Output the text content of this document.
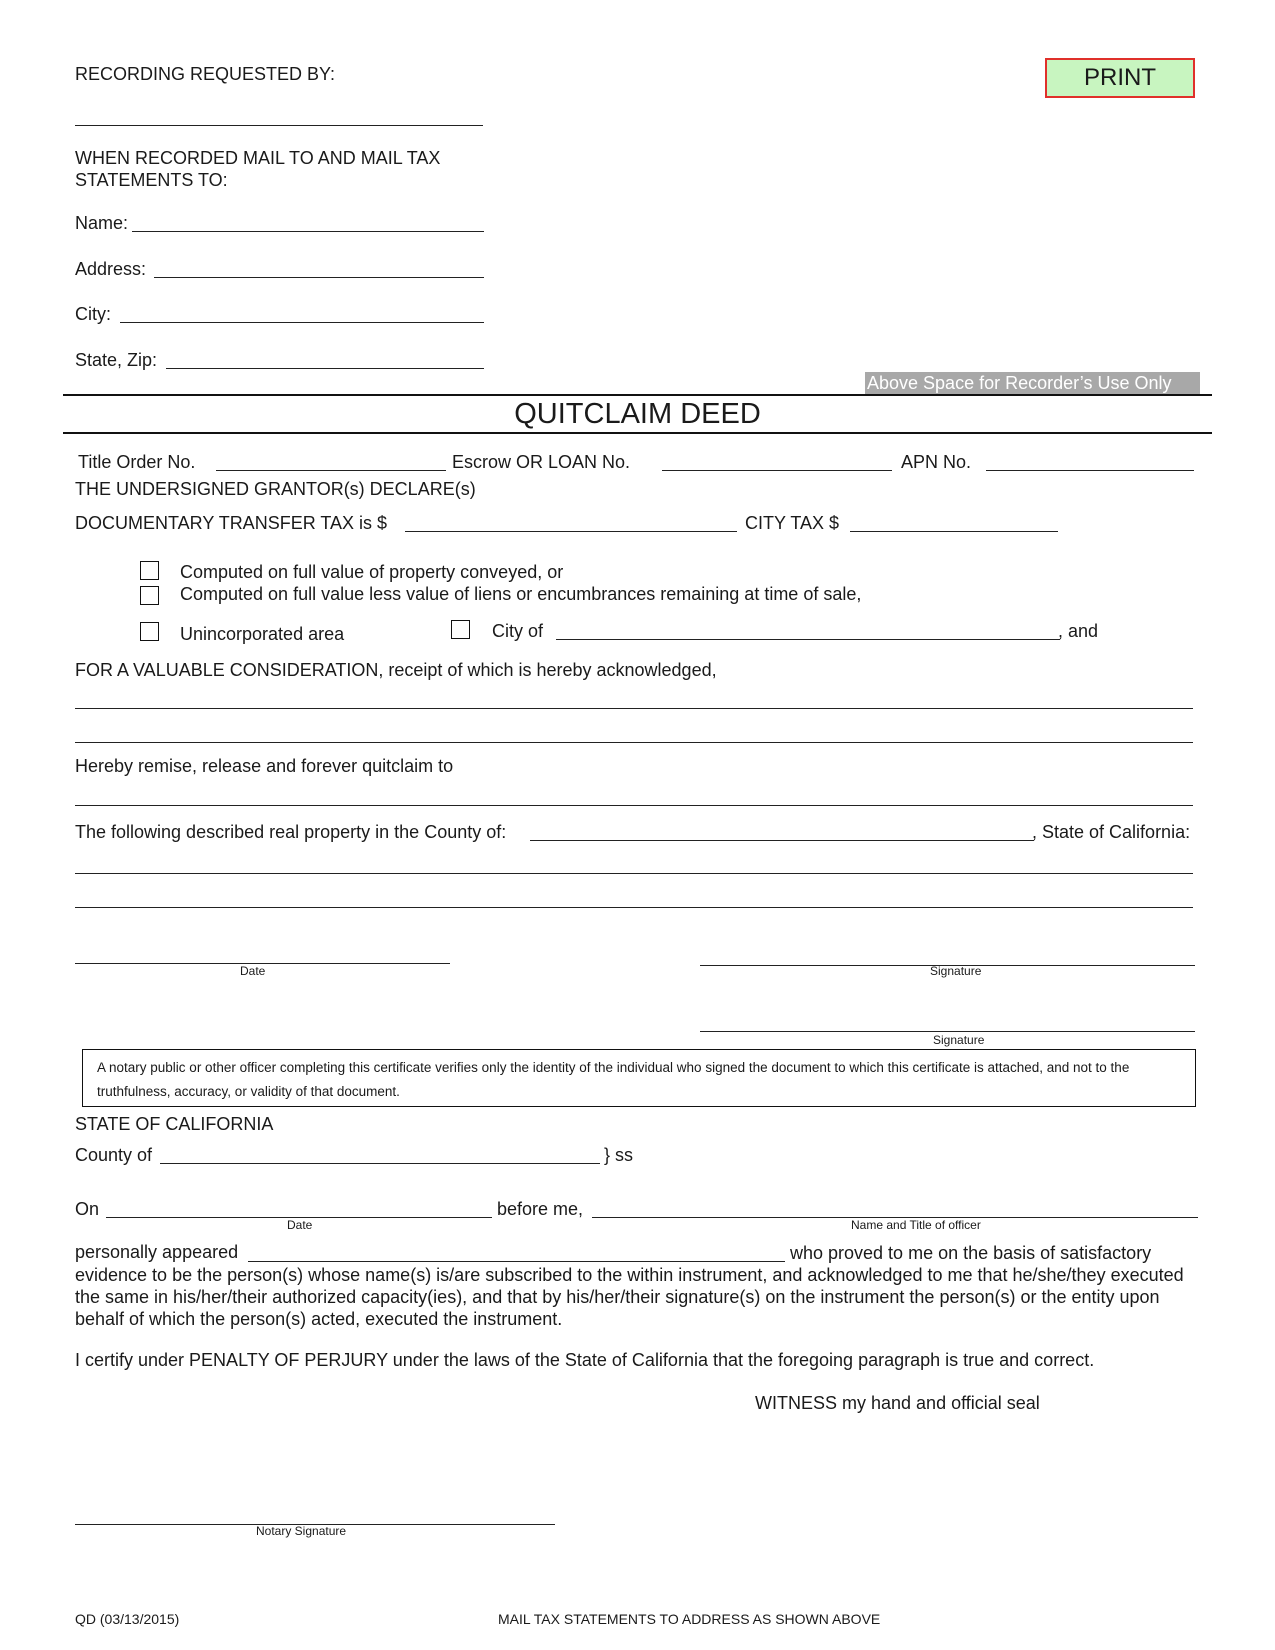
PRINT
RECORDING REQUESTED BY:
WHEN RECORDED MAIL TO AND MAIL TAX
STATEMENTS TO:
Name:
Address:
City:
State, Zip:
Above Space for Recorder’s Use Only
QUITCLAIM DEED
Title Order No.	Escrow OR LOAN No.	APN No.
THE UNDERSIGNED GRANTOR(s) DECLARE(s)
DOCUMENTARY TRANSFER TAX is $	CITY TAX $
Computed on full value of property conveyed, or
Computed on full value less value of liens or encumbrances remaining at time of sale,
Unincorporated area	City of	, and
FOR A VALUABLE CONSIDERATION, receipt of which is hereby acknowledged,
Hereby remise, release and forever quitclaim to
The following described real property in the County of:	, State of California:
Date	Signature
Signature
A notary public or other officer completing this certificate verifies only the identity of the individual who signed the document to which this certificate is attached, and not to the truthfulness, accuracy, or validity of that document.
STATE OF CALIFORNIA
County of	} ss
On
Date
before me,
Name and Title of officer
personally appeared	who proved to me on the basis of satisfactory evidence to be the person(s) whose name(s) is/are subscribed to the within instrument, and acknowledged to me that he/she/they executed the same in his/her/their authorized capacity(ies), and that by his/her/their signature(s) on the instrument the person(s) or the entity upon behalf of which the person(s) acted, executed the instrument.
I certify under PENALTY OF PERJURY under the laws of the State of California that the foregoing paragraph is true and correct.
WITNESS my hand and official seal
Notary Signature
QD (03/13/2015)	MAIL TAX STATEMENTS TO ADDRESS AS SHOWN ABOVE
